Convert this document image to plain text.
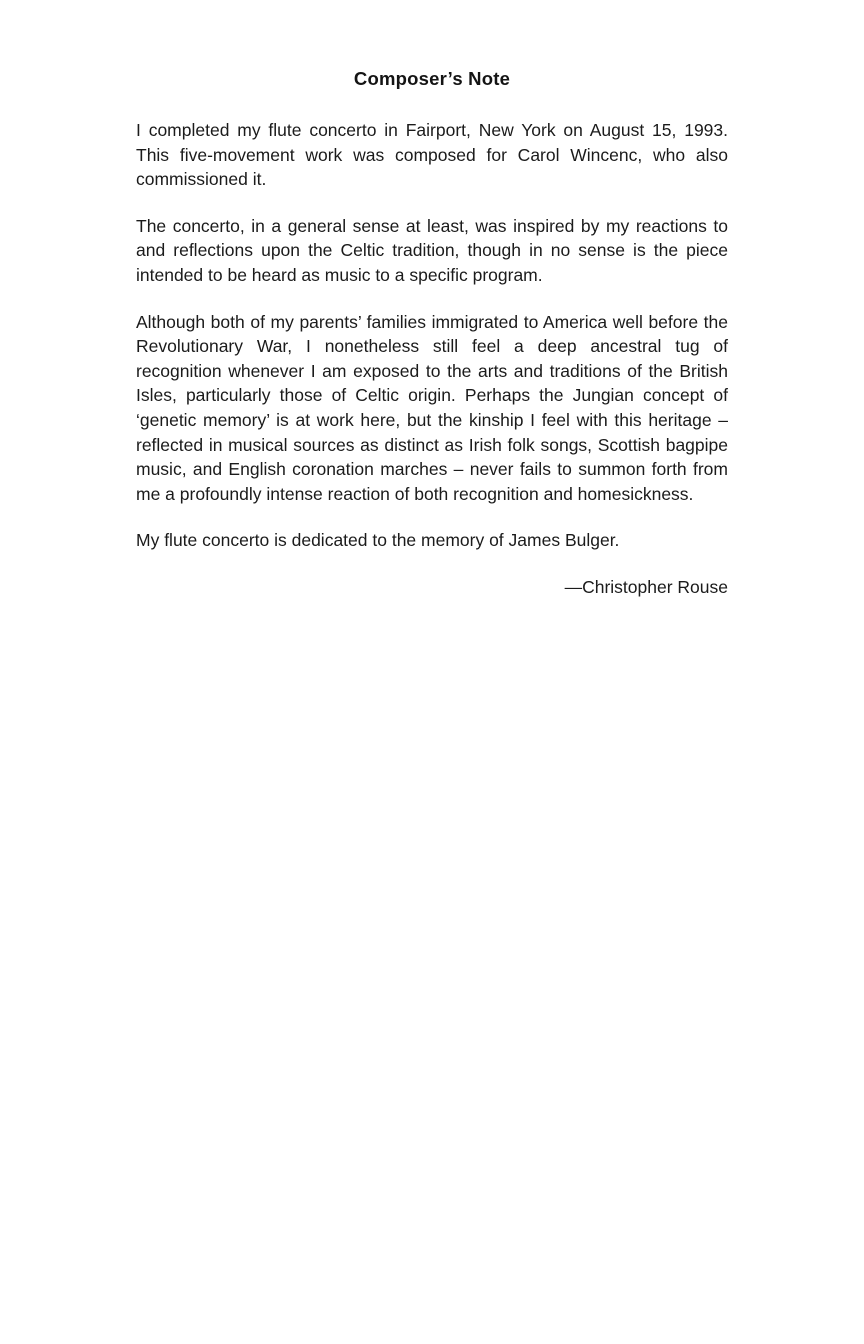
Composer’s Note

I completed my flute concerto in Fairport, New York on August 15, 1993. This five-movement work was composed for Carol Wincenc, who also commissioned it.

The concerto, in a general sense at least, was inspired by my reactions to and reflections upon the Celtic tradition, though in no sense is the piece intended to be heard as music to a specific program.

Although both of my parents’ families immigrated to America well before the Revolutionary War, I nonetheless still feel a deep ancestral tug of recognition whenever I am exposed to the arts and traditions of the British Isles, particularly those of Celtic origin. Perhaps the Jungian concept of ‘genetic memory’ is at work here, but the kinship I feel with this heritage – reflected in musical sources as distinct as Irish folk songs, Scottish bagpipe music, and English coronation marches – never fails to summon forth from me a profoundly intense reaction of both recognition and homesickness.

My flute concerto is dedicated to the memory of James Bulger.

—Christopher Rouse
